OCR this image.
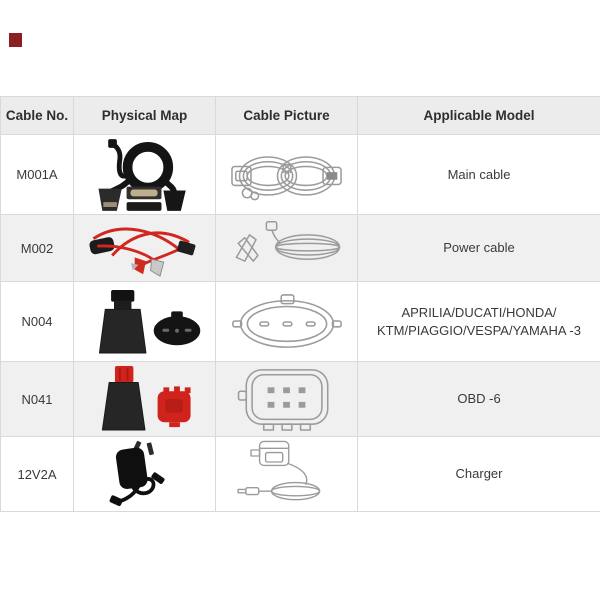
Cable No.	Physical Map	Cable Picture	Applicable Model
M001A			Main cable

M002			Power cable

N004			APRILIA/DUCATI/HONDA/
KTM/PIAGGIO/VESPA/YAMAHA -3

N041			OBD -6

12V2A			Charger
